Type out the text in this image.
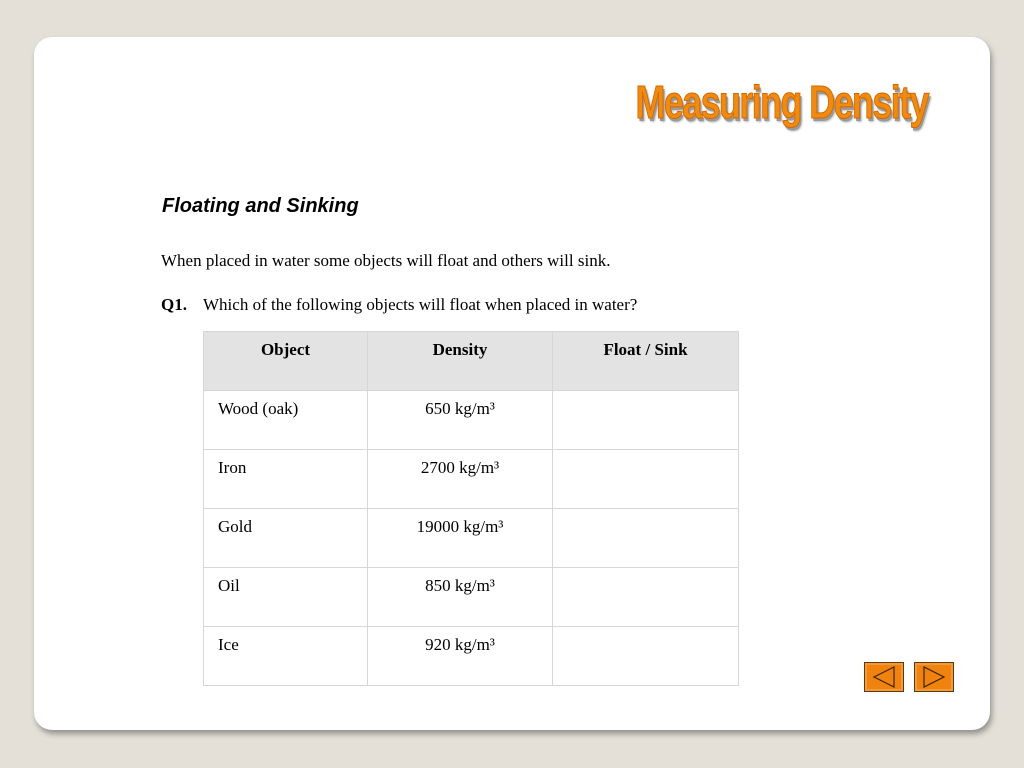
Measuring Density
Floating and Sinking
When placed in water some objects will float and others will sink.
Q1. Which of the following objects will float when placed in water?
Object	Density	Float / Sink
Wood (oak)	650 kg/m³	
Iron	2700 kg/m³	
Gold	19000 kg/m³	
Oil	850 kg/m³	
Ice	920 kg/m³	
